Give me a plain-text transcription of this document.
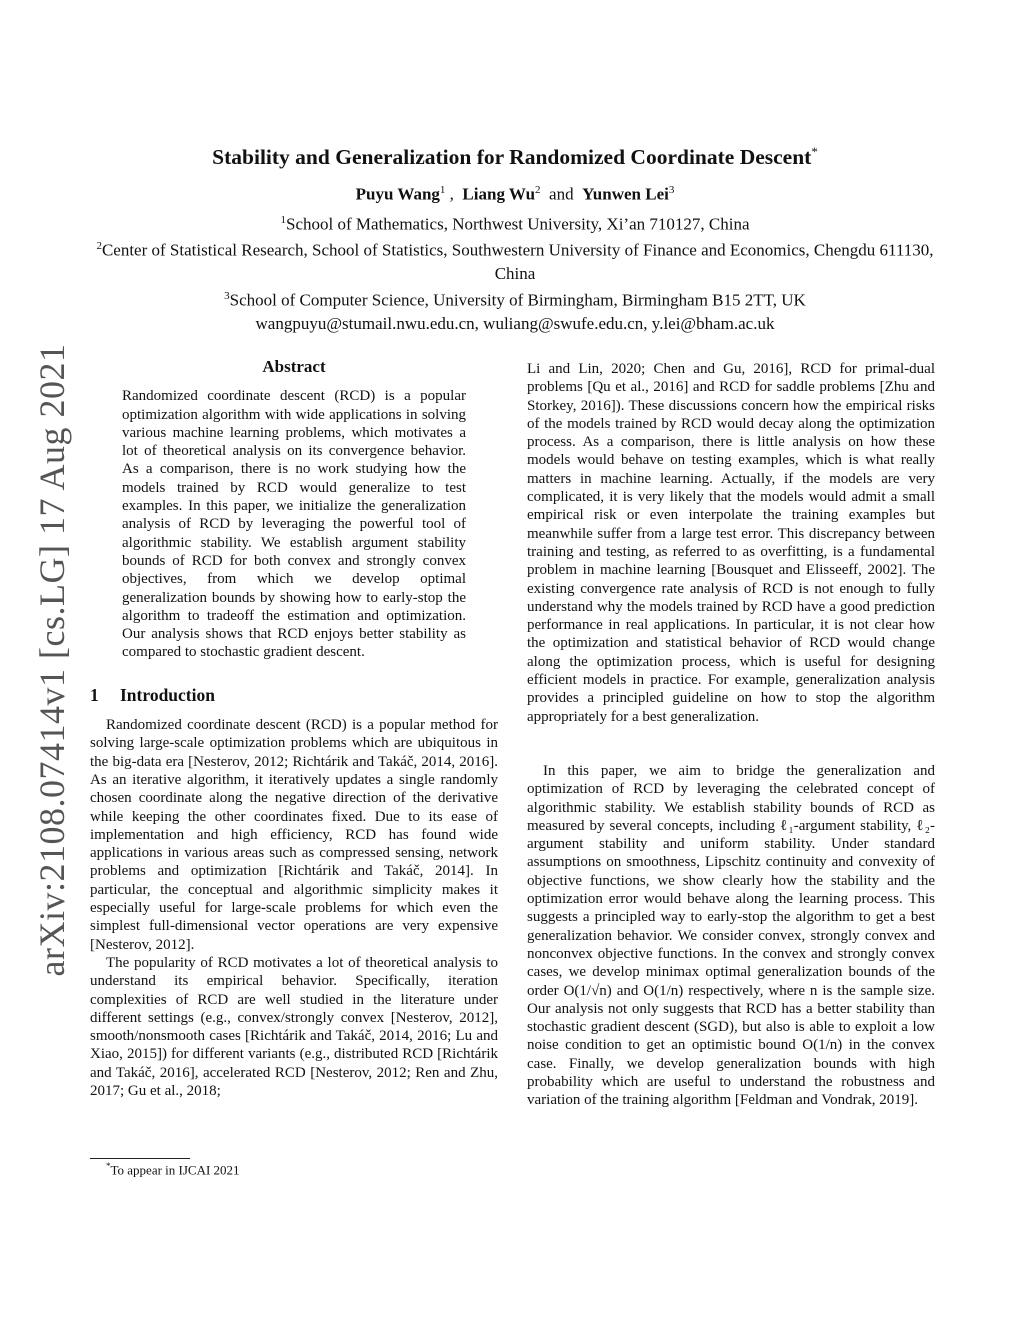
arXiv:2108.07414v1 [cs.LG] 17 Aug 2021
Stability and Generalization for Randomized Coordinate Descent*
Puyu Wang$^1$ , Liang Wu$^2$ and Yunwen Lei$^3$
$^1$School of Mathematics, Northwest University, Xi’an 710127, China
$^2$Center of Statistical Research, School of Statistics, Southwestern University of Finance and Economics, Chengdu 611130, China
$^3$School of Computer Science, University of Birmingham, Birmingham B15 2TT, UK
wangpuyu@stumail.nwu.edu.cn, wuliang@swufe.edu.cn, y.lei@bham.ac.uk
Abstract
Randomized coordinate descent (RCD) is a popular optimization algorithm with wide applications in solving various machine learning problems, which motivates a lot of theoretical analysis on its convergence behavior. As a comparison, there is no work studying how the models trained by RCD would generalize to test examples. In this paper, we initialize the generalization analysis of RCD by leveraging the powerful tool of algorithmic stability. We establish argument stability bounds of RCD for both convex and strongly convex objectives, from which we develop optimal generalization bounds by showing how to early-stop the algorithm to tradeoff the estimation and optimization. Our analysis shows that RCD enjoys better stability as compared to stochastic gradient descent.
1 Introduction

Randomized coordinate descent (RCD) is a popular method for solving large-scale optimization problems which are ubiquitous in the big-data era [Nesterov, 2012; Richtárik and Takáč, 2014, 2016]. As an iterative algorithm, it iteratively updates a single randomly chosen coordinate along the negative direction of the derivative while keeping the other coordinates fixed. Due to its ease of implementation and high efficiency, RCD has found wide applications in various areas such as compressed sensing, network problems and optimization [Richtárik and Takáč, 2014]. In particular, the conceptual and algorithmic simplicity makes it especially useful for large-scale problems for which even the simplest full-dimensional vector operations are very expensive [Nesterov, 2012].

The popularity of RCD motivates a lot of theoretical analysis to understand its empirical behavior. Specifically, iteration complexities of RCD are well studied in the literature under different settings (e.g., convex/strongly convex [Nesterov, 2012], smooth/nonsmooth cases [Richtárik and Takáč, 2014, 2016; Lu and Xiao, 2015]) for different variants (e.g., distributed RCD [Richtárik and Takáč, 2016], accelerated RCD [Nesterov, 2012; Ren and Zhu, 2017; Gu et al., 2018;

Li and Lin, 2020; Chen and Gu, 2016], RCD for primal-dual problems [Qu et al., 2016] and RCD for saddle problems [Zhu and Storkey, 2016]). These discussions concern how the empirical risks of the models trained by RCD would decay along the optimization process. As a comparison, there is little analysis on how these models would behave on testing examples, which is what really matters in machine learning. Actually, if the models are very complicated, it is very likely that the models would admit a small empirical risk or even interpolate the training examples but meanwhile suffer from a large test error. This discrepancy between training and testing, as referred to as overfitting, is a fundamental problem in machine learning [Bousquet and Elisseeff, 2002]. The existing convergence rate analysis of RCD is not enough to fully understand why the models trained by RCD have a good prediction performance in real applications. In particular, it is not clear how the optimization and statistical behavior of RCD would change along the optimization process, which is useful for designing efficient models in practice. For example, generalization analysis provides a principled guideline on how to stop the algorithm appropriately for a best generalization.

In this paper, we aim to bridge the generalization and optimization of RCD by leveraging the celebrated concept of algorithmic stability. We establish stability bounds of RCD as measured by several concepts, including ℓ₁-argument stability, ℓ₂-argument stability and uniform stability. Under standard assumptions on smoothness, Lipschitz continuity and convexity of objective functions, we show clearly how the stability and the optimization error would behave along the learning process. This suggests a principled way to early-stop the algorithm to get a best generalization behavior. We consider convex, strongly convex and nonconvex objective functions. In the convex and strongly convex cases, we develop minimax optimal generalization bounds of the order O(1/√n) and O(1/n) respectively, where n is the sample size. Our analysis not only suggests that RCD has a better stability than stochastic gradient descent (SGD), but also is able to exploit a low noise condition to get an optimistic bound O(1/n) in the convex case. Finally, we develop generalization bounds with high probability which are useful to understand the robustness and variation of the training algorithm [Feldman and Vondrak, 2019].

*To appear in IJCAI 2021
